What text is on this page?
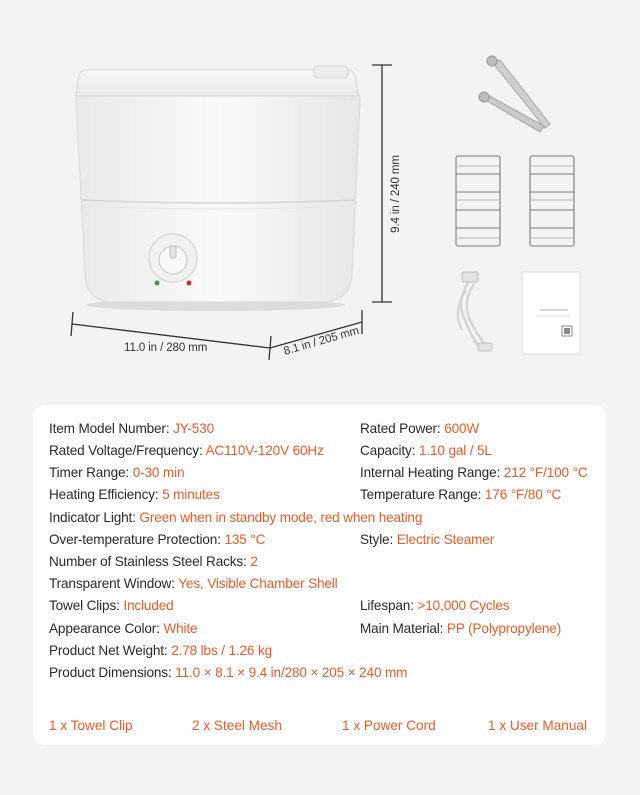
9.4 in / 240 mm
11.0 in / 280 mm	8.1 in / 205 mm
Item Model Number: JY-530	Rated Power: 600W
Rated Voltage/Frequency: AC110V-120V 60Hz	Capacity: 1.10 gal / 5L
Timer Range: 0-30 min	Internal Heating Range: 212 °F/100 °C
Heating Efficiency: 5 minutes	Temperature Range: 176 °F/80 °C
Indicator Light: Green when in standby mode, red when heating
Over-temperature Protection: 135 °C	Style: Electric Steamer
Number of Stainless Steel Racks: 2
Transparent Window: Yes, Visible Chamber Shell
Towel Clips: Included	Lifespan: >10,000 Cycles
Appearance Color: White	Main Material: PP (Polypropylene)
Product Net Weight: 2.78 lbs / 1.26 kg
Product Dimensions: 11.0 × 8.1 × 9.4 in/280 × 205 × 240 mm
1 x Towel Clip	2 x Steel Mesh	1 x Power Cord	1 x User Manual
